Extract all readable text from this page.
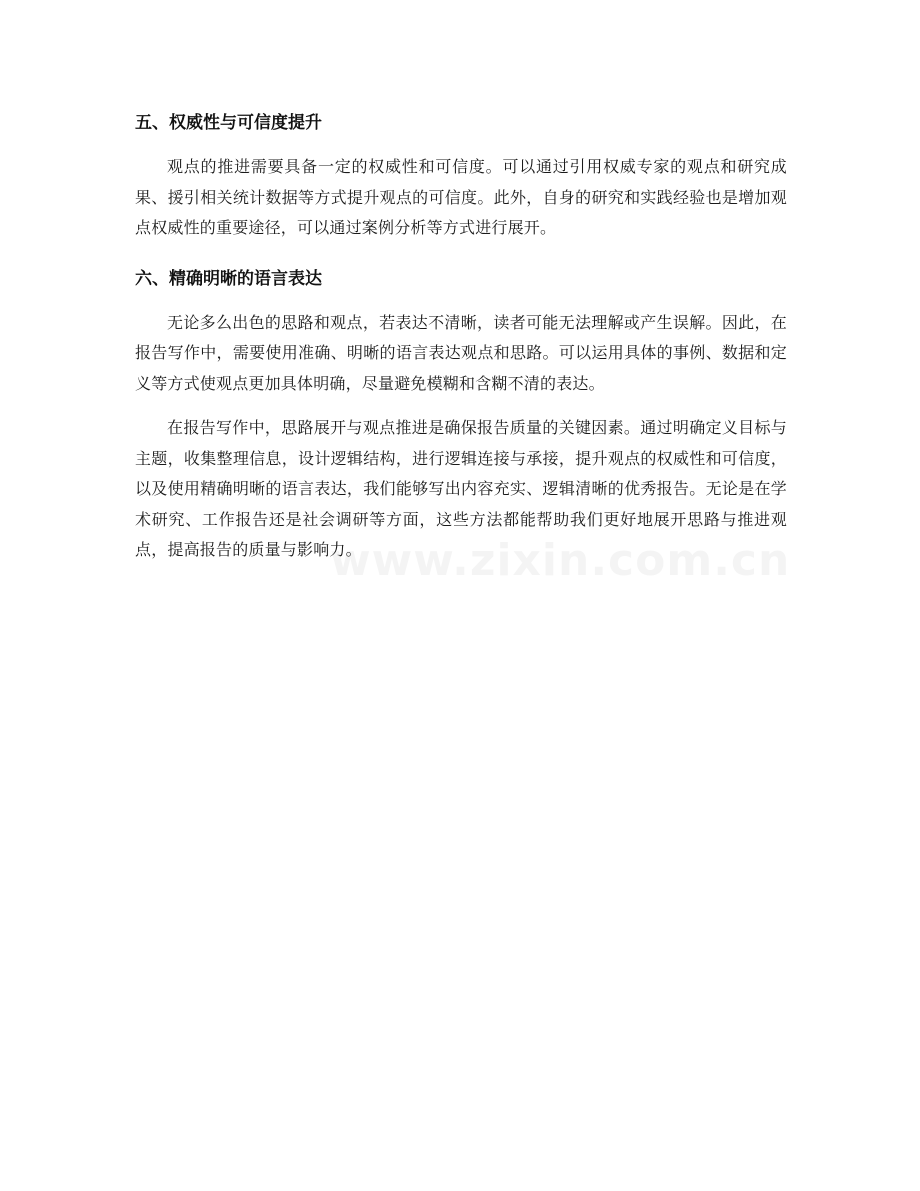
五、权威性与可信度提升

观点的推进需要具备一定的权威性和可信度。可以通过引用权威专家的观点和研究成果、援引相关统计数据等方式提升观点的可信度。此外，自身的研究和实践经验也是增加观点权威性的重要途径，可以通过案例分析等方式进行展开。

六、精确明晰的语言表达

无论多么出色的思路和观点，若表达不清晰，读者可能无法理解或产生误解。因此，在报告写作中，需要使用准确、明晰的语言表达观点和思路。可以运用具体的事例、数据和定义等方式使观点更加具体明确，尽量避免模糊和含糊不清的表达。

在报告写作中，思路展开与观点推进是确保报告质量的关键因素。通过明确定义目标与主题，收集整理信息，设计逻辑结构，进行逻辑连接与承接，提升观点的权威性和可信度，以及使用精确明晰的语言表达，我们能够写出内容充实、逻辑清晰的优秀报告。无论是在学术研究、工作报告还是社会调研等方面，这些方法都能帮助我们更好地展开思路与推进观点，提高报告的质量与影响力。
